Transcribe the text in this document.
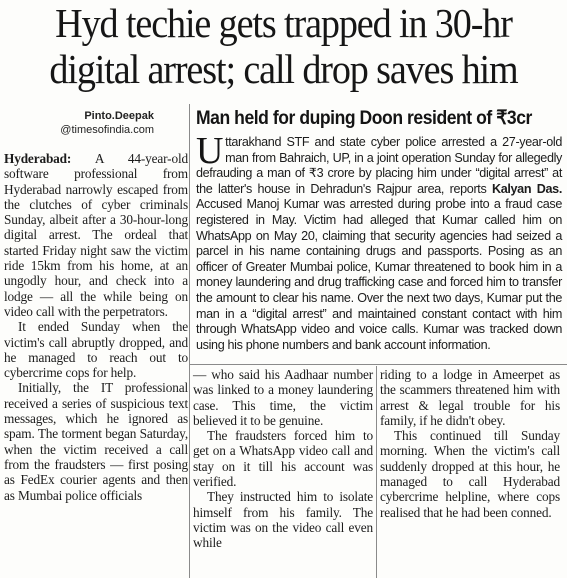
Hyd techie gets trapped in 30-hr
digital arrest; call drop saves him
Pinto.Deepak
@timesofindia.com
Man held for duping Doon resident of ₹3cr
Uttarakhand STF and state cyber police arrested a 27-year-old man from Bahraich, UP, in a joint operation Sunday for allegedly defrauding a man of ₹3 crore by placing him under “digital arrest” at the latter's house in Dehradun's Rajpur area, reports Kalyan Das. Accused Manoj Kumar was arrested during probe into a fraud case registered in May. Victim had alleged that Kumar called him on WhatsApp on May 20, claiming that security agencies had seized a parcel in his name containing drugs and passports. Posing as an officer of Greater Mumbai police, Kumar threatened to book him in a money laundering and drug trafficking case and forced him to transfer the amount to clear his name. Over the next two days, Kumar put the man in a “digital arrest” and maintained constant contact with him through WhatsApp video and voice calls. Kumar was tracked down using his phone numbers and bank account information.

Hyderabad: A 44-year-old software professional from Hyderabad narrowly escaped from the clutches of cyber criminals Sunday, albeit after a 30-hour-long digital arrest. The ordeal that started Friday night saw the victim ride 15km from his home, at an ungodly hour, and check into a lodge — all the while being on video call with the perpetrators.

It ended Sunday when the victim's call abruptly dropped, and he managed to reach out to cybercrime cops for help.

Initially, the IT professional received a series of suspicious text messages, which he ignored as spam. The torment began Saturday, when the victim received a call from the fraudsters — first posing as FedEx courier agents and then as Mumbai police officials

— who said his Aadhaar number was linked to a money laundering case. This time, the victim believed it to be genuine.

The fraudsters forced him to get on a WhatsApp video call and stay on it till his account was verified.

They instructed him to isolate himself from his family. The victim was on the video call even while

riding to a lodge in Ameerpet as the scammers threatened him with arrest & legal trouble for his family, if he didn't obey.

This continued till Sunday morning. When the victim's call suddenly dropped at this hour, he managed to call Hyderabad cybercrime helpline, where cops realised that he had been conned.
